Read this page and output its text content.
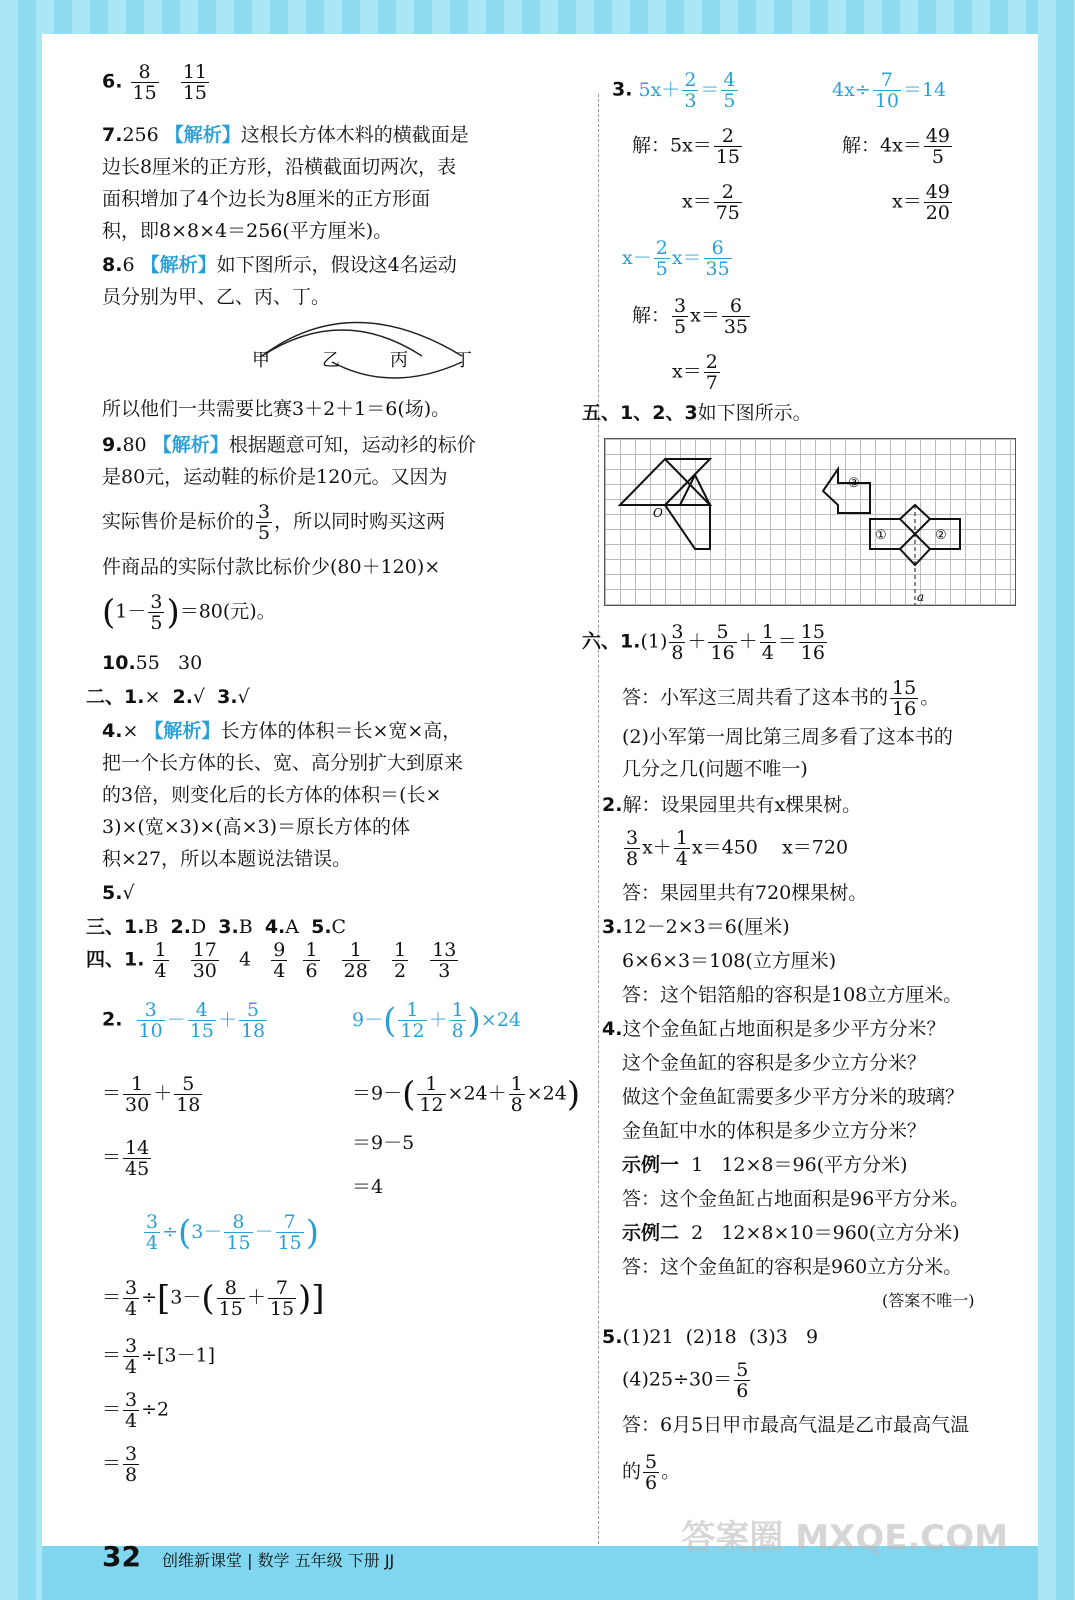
6. $\frac{8}{15}$
$\frac{11}{15}$
7.256 【解析】这根长方体木料的横截面是
边长8厘米的正方形，沿横截面切两次，表
面积增加了4个边长为8厘米的正方形面
积，即8×8×4＝256(平方厘米)。
8.6 【解析】如下图所示，假设这4名运动
员分别为甲、乙、丙、丁。
甲	乙	丙	丁
所以他们一共需要比赛3＋2＋1＝6(场)。
9.80 【解析】根据题意可知，运动衫的标价
是80元，运动鞋的标价是120元。又因为
实际售价是标价的 $\frac{3}{5}$ ，所以同时购买这两
件商品的实际付款比标价少(80＋120)×
$(1- \frac{3}{5} )=80$(元)。
10.55 30
二、1.× 2.√ 3.√
4.× 【解析】长方体的体积＝长×宽×高，
把一个长方体的长、宽、高分别扩大到原来
的3倍，则变化后的长方体的体积＝(长×
3)×(宽×3)×(高×3)＝原长方体的体
积×27，所以本题说法错误。
5.√
三、1.B 2.D 3.B 4.A 5.C
四、1. $\frac{1}{4}$
$\frac{17}{30} 4 \frac{9}{4}$
$\frac{1}{6}$
$\frac{1}{28}$
$\frac{1}{2}$
$\frac{13}{3}$
2. $\frac{3}{10} - \frac{4}{15} + \frac{5}{18}$
＝ $\frac{1}{30} + \frac{5}{18}$
＝ $\frac{14}{45}$
$9-( \frac{1}{12} + \frac{1}{8} )\times 24$
$=9-( \frac{1}{12} \times 24+ \frac{1}{8} \times 24)$
＝9－5
＝4
$\frac{3}{4} \div(3- \frac{8}{15} - \frac{7}{15}$ )
＝ $\frac{3}{4} \div[3-( \frac{8}{15} + \frac{7}{15}$ )]
＝ $\frac{3}{4} \div[3-1]$
＝ $\frac{3}{4} \div 2$
＝ $\frac{3}{8}$
3. $5x+ \frac{2}{3} = \frac{4}{5}$
解：$5x= \frac{2}{15}$
$x= \frac{2}{75}$
$4x\div \frac{7}{10} =14$
解：$4x= \frac{49}{5}$
$x= \frac{49}{20}$
$x- \frac{2}{5} x= \frac{6}{35}$
解： $\frac{3}{5} x= \frac{6}{35}$
$x= \frac{2}{7}$
五、1、2、3如下图所示。
③
①	②
O
a
六、$1.(1) \frac{3}{8} + \frac{5}{16} + \frac{1}{4} = \frac{15}{16}$
答：小军这三周共看了这本书的 $\frac{15}{16}$ 。
(2)小军第一周比第三周多看了这本书的
几分之几(问题不唯一)
2.解：设果园里共有x棵果树。
$\frac{3}{8} x+ \frac{1}{4} x=450$ x＝720
答：果园里共有720棵果树。
3.12－2×3＝6(厘米)
6×6×3＝108(立方厘米)
答：这个铝箔船的容积是108立方厘米。
4.这个金鱼缸占地面积是多少平方分米？
这个金鱼缸的容积是多少立方分米？
做这个金鱼缸需要多少平方分米的玻璃？
金鱼缸中水的体积是多少立方分米？
示例一 1 12×8＝96(平方分米)
答：这个金鱼缸占地面积是96平方分米。
示例二 2 12×8×10＝960(立方分米)
答：这个金鱼缸的容积是960立方分米。
(答案不唯一)
5.(1)21 (2)18 (3)3 9
$(4)25\div 30= \frac{5}{6}$
答：6月5日甲市最高气温是乙市最高气温
的 $\frac{5}{6}$ 。
32 创维新课堂 | 数学 五年级 下册 JJ
答案圈 MXQE.COM
